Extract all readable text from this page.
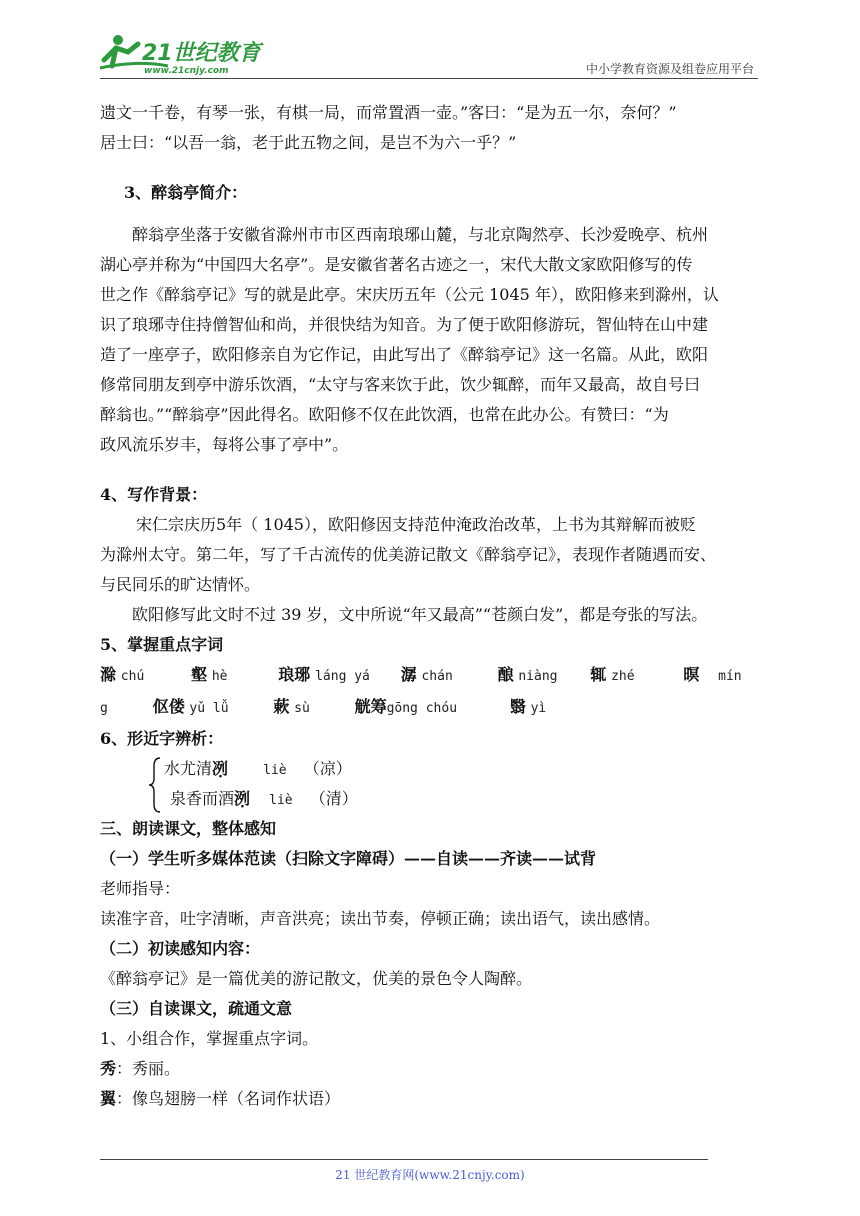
21世纪教育
www.21cnjy.com	中小学教育资源及组卷应用平台

遗文一千卷，有琴一张，有棋一局，而常置酒一壶。”客曰：“是为五一尔，奈何？”

居士曰：“以吾一翁，老于此五物之间，是岂不为六一乎？”

3、醉翁亭简介：

醉翁亭坐落于安徽省滁州市市区西南琅琊山麓，与北京陶然亭、长沙爱晚亭、杭州

湖心亭并称为“中国四大名亭”。是安徽省著名古迹之一，宋代大散文家欧阳修写的传

世之作《醉翁亭记》写的就是此亭。宋庆历五年（公元 1045 年），欧阳修来到滁州，认

识了琅琊寺住持僧智仙和尚，并很快结为知音。为了便于欧阳修游玩，智仙特在山中建

造了一座亭子，欧阳修亲自为它作记，由此写出了《醉翁亭记》这一名篇。从此，欧阳

修常同朋友到亭中游乐饮酒，“太守与客来饮于此，饮少辄醉，而年又最高，故自号曰

醉翁也。”“醉翁亭”因此得名。欧阳修不仅在此饮酒，也常在此办公。有赞曰：“为

政风流乐岁丰，每将公事了亭中”。

4、写作背景：

宋仁宗庆历5年（ 1045），欧阳修因支持范仲淹政治改革，上书为其辩解而被贬

为滁州太守。第二年，写了千古流传的优美游记散文《醉翁亭记》，表现作者随遇而安、

与民同乐的旷达情怀。

欧阳修写此文时不过 39 岁，文中所说“年又最高”“苍颜白发”，都是夸张的写法。

5、掌握重点字词

滁 chú	壑 hè	琅琊 láng yá 潺 chán	酿 niàng 辄 zhé	暝 mín
g	伛偻 yǔ lǚ	蔌 sù	觥筹gōng chóu	翳 yì

6、形近字辨析：

水尤清冽	liè （凉）
泉香而酒洌 liè （清）

三、朗读课文，整体感知

（一）学生听多媒体范读（扫除文字障碍）——自读——齐读——试背

老师指导：

读准字音，吐字清晰，声音洪亮；读出节奏，停顿正确；读出语气，读出感情。

（二）初读感知内容：

《醉翁亭记》是一篇优美的游记散文，优美的景色令人陶醉。

（三）自读课文，疏通文意

1、小组合作，掌握重点字词。

秀：秀丽。

翼：像鸟翅膀一样（名词作状语）

21 世纪教育网(www.21cnjy.com)
